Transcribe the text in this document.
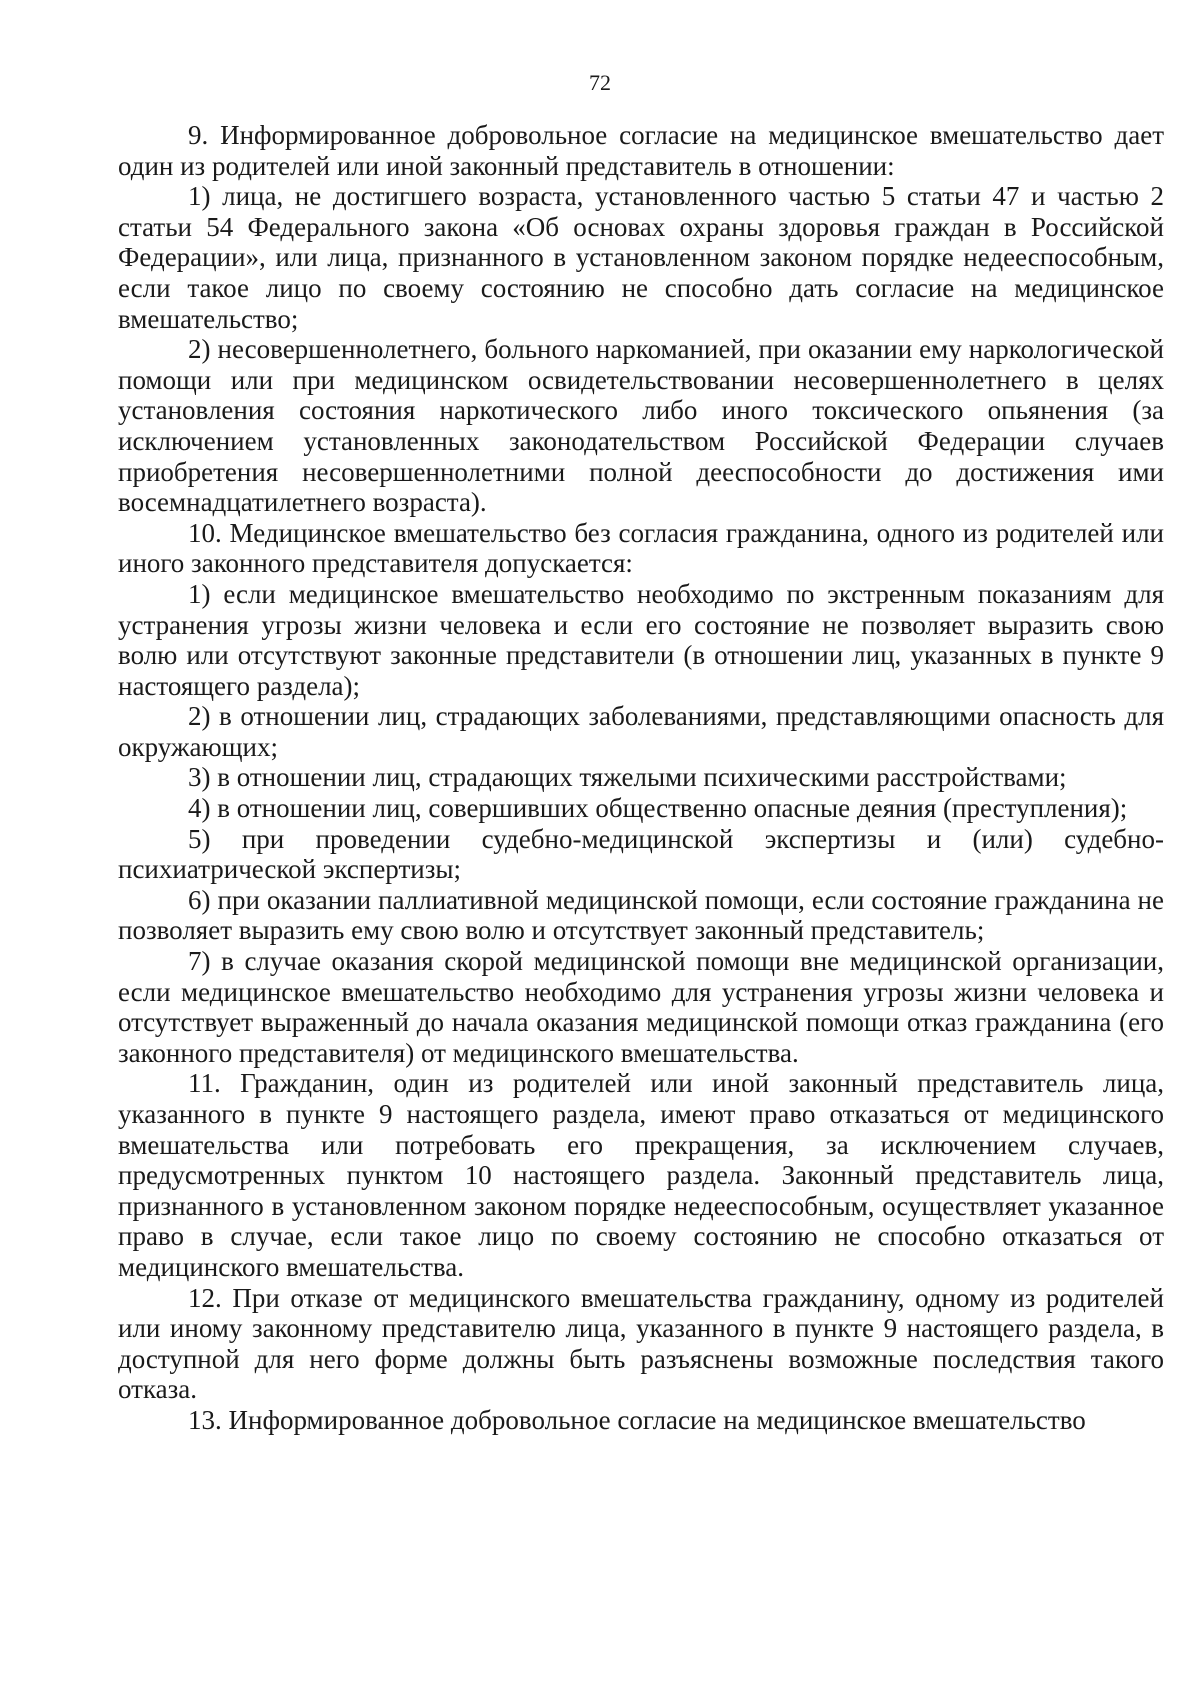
72

9. Информированное добровольное согласие на медицинское вмешательство дает один из родителей или иной законный представитель в отношении:

1) лица, не достигшего возраста, установленного частью 5 статьи 47 и частью 2 статьи 54 Федерального закона «Об основах охраны здоровья граждан в Российской Федерации», или лица, признанного в установленном законом порядке недееспособным, если такое лицо по своему состоянию не способно дать согласие на медицинское вмешательство;

2) несовершеннолетнего, больного наркоманией, при оказании ему наркологической помощи или при медицинском освидетельствовании несовершеннолетнего в целях установления состояния наркотического либо иного токсического опьянения (за исключением установленных законодательством Российской Федерации случаев приобретения несовершеннолетними полной дееспособности до достижения ими восемнадцатилетнего возраста).

10. Медицинское вмешательство без согласия гражданина, одного из родителей или иного законного представителя допускается:

1) если медицинское вмешательство необходимо по экстренным показаниям для устранения угрозы жизни человека и если его состояние не позволяет выразить свою волю или отсутствуют законные представители (в отношении лиц, указанных в пункте 9 настоящего раздела);

2) в отношении лиц, страдающих заболеваниями, представляющими опасность для окружающих;

3) в отношении лиц, страдающих тяжелыми психическими расстройствами;

4) в отношении лиц, совершивших общественно опасные деяния (преступления);

5) при проведении судебно-медицинской экспертизы и (или) судебно-психиатрической экспертизы;

6) при оказании паллиативной медицинской помощи, если состояние гражданина не позволяет выразить ему свою волю и отсутствует законный представитель;

7) в случае оказания скорой медицинской помощи вне медицинской организации, если медицинское вмешательство необходимо для устранения угрозы жизни человека и отсутствует выраженный до начала оказания медицинской помощи отказ гражданина (его законного представителя) от медицинского вмешательства.

11. Гражданин, один из родителей или иной законный представитель лица, указанного в пункте 9 настоящего раздела, имеют право отказаться от медицинского вмешательства или потребовать его прекращения, за исключением случаев, предусмотренных пунктом 10 настоящего раздела. Законный представитель лица, признанного в установленном законом порядке недееспособным, осуществляет указанное право в случае, если такое лицо по своему состоянию не способно отказаться от медицинского вмешательства.

12. При отказе от медицинского вмешательства гражданину, одному из родителей или иному законному представителю лица, указанного в пункте 9 настоящего раздела, в доступной для него форме должны быть разъяснены возможные последствия такого отказа.

13. Информированное добровольное согласие на медицинское вмешательство
